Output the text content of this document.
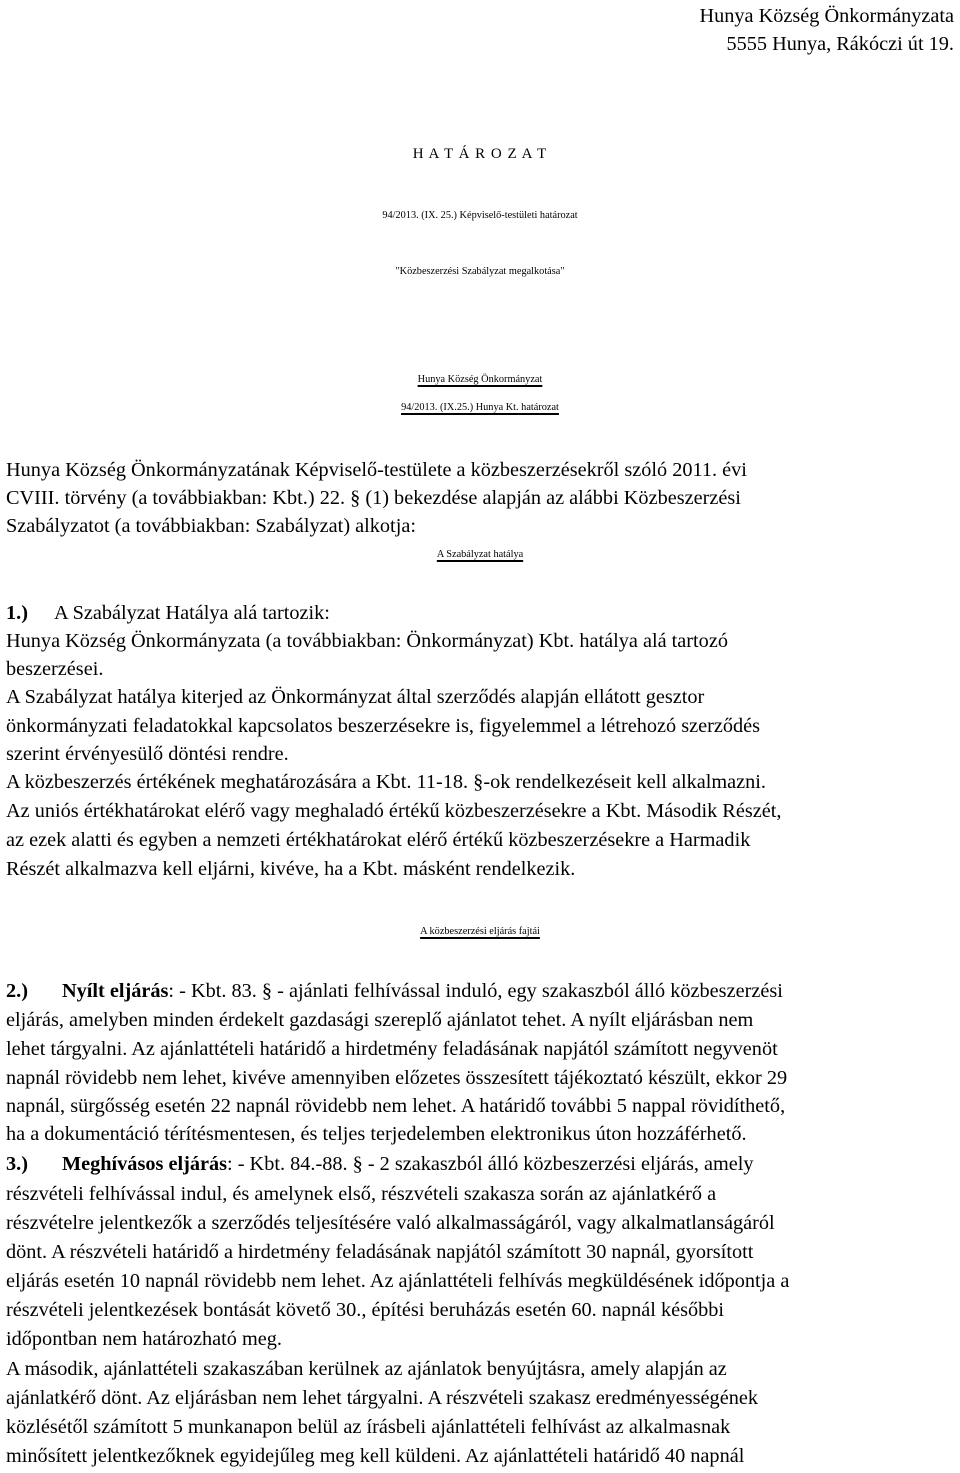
Hunya Község Önkormányzata
5555 Hunya, Rákóczi út 19.
H A T Á R O Z A T
94/2013. (IX. 25.) Képviselő-testületi határozat
"Közbeszerzési Szabályzat megalkotása"
Hunya Község Önkormányzat
94/2013. (IX.25.) Hunya Kt. határozat
Hunya Község Önkormányzatának Képviselő-testülete a közbeszerzésekről szóló 2011. évi
CVIII. törvény (a továbbiakban: Kbt.) 22. § (1) bekezdése alapján az alábbi Közbeszerzési
Szabályzatot (a továbbiakban: Szabályzat) alkotja:
A Szabályzat hatálya
1.) A Szabályzat Hatálya alá tartozik:
Hunya Község Önkormányzata (a továbbiakban: Önkormányzat) Kbt. hatálya alá tartozó
beszerzései.
A Szabályzat hatálya kiterjed az Önkormányzat által szerződés alapján ellátott gesztor
önkormányzati feladatokkal kapcsolatos beszerzésekre is, figyelemmel a létrehozó szerződés
szerint érvényesülő döntési rendre.
A közbeszerzés értékének meghatározására a Kbt. 11-18. §-ok rendelkezéseit kell alkalmazni.
Az uniós értékhatárokat elérő vagy meghaladó értékű közbeszerzésekre a Kbt. Második Részét,
az ezek alatti és egyben a nemzeti értékhatárokat elérő értékű közbeszerzésekre a Harmadik
Részét alkalmazva kell eljárni, kivéve, ha a Kbt. másként rendelkezik.
A közbeszerzési eljárás fajtái
2.) Nyílt eljárás: - Kbt. 83. § - ajánlati felhívással induló, egy szakaszból álló közbeszerzési
eljárás, amelyben minden érdekelt gazdasági szereplő ajánlatot tehet. A nyílt eljárásban nem
lehet tárgyalni. Az ajánlattételi határidő a hirdetmény feladásának napjától számított negyvenöt
napnál rövidebb nem lehet, kivéve amennyiben előzetes összesített tájékoztató készült, ekkor 29
napnál, sürgősség esetén 22 napnál rövidebb nem lehet. A határidő további 5 nappal rövidíthető,
ha a dokumentáció térítésmentesen, és teljes terjedelemben elektronikus úton hozzáférhető.
3.) Meghívásos eljárás: - Kbt. 84.-88. § - 2 szakaszból álló közbeszerzési eljárás, amely
részvételi felhívással indul, és amelynek első, részvételi szakasza során az ajánlatkérő a
részvételre jelentkezők a szerződés teljesítésére való alkalmasságáról, vagy alkalmatlanságáról
dönt. A részvételi határidő a hirdetmény feladásának napjától számított 30 napnál, gyorsított
eljárás esetén 10 napnál rövidebb nem lehet. Az ajánlattételi felhívás megküldésének időpontja a
részvételi jelentkezések bontását követő 30., építési beruházás esetén 60. napnál későbbi
időpontban nem határozható meg.
A második, ajánlattételi szakaszában kerülnek az ajánlatok benyújtásra, amely alapján az
ajánlatkérő dönt. Az eljárásban nem lehet tárgyalni. A részvételi szakasz eredményességének
közlésétől számított 5 munkanapon belül az írásbeli ajánlattételi felhívást az alkalmasnak
minősített jelentkezőknek egyidejűleg meg kell küldeni. Az ajánlattételi határidő 40 napnál
